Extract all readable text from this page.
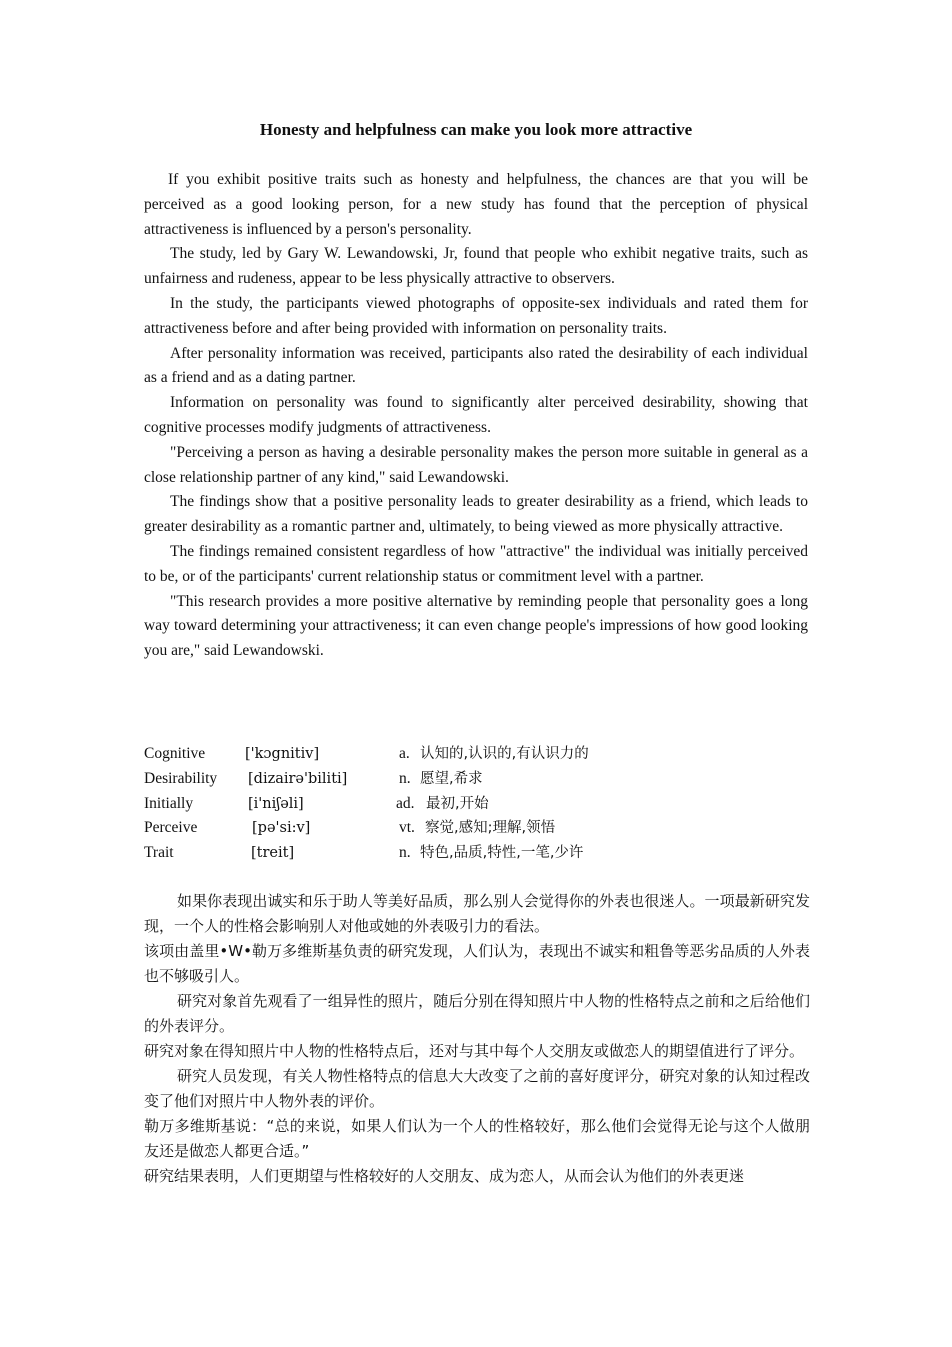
Honesty and helpfulness can make you look more attractive

If you exhibit positive traits such as honesty and helpfulness, the chances are that you will be perceived as a good looking person, for a new study has found that the perception of physical attractiveness is influenced by a person's personality.

The study, led by Gary W. Lewandowski, Jr, found that people who exhibit negative traits, such as unfairness and rudeness, appear to be less physically attractive to observers.

In the study, the participants viewed photographs of opposite-sex individuals and rated them for attractiveness before and after being provided with information on personality traits.

After personality information was received, participants also rated the desirability of each individual as a friend and as a dating partner.

Information on personality was found to significantly alter perceived desirability, showing that cognitive processes modify judgments of attractiveness.

"Perceiving a person as having a desirable personality makes the person more suitable in general as a close relationship partner of any kind," said Lewandowski.

The findings show that a positive personality leads to greater desirability as a friend, which leads to greater desirability as a romantic partner and, ultimately, to being viewed as more physically attractive.

The findings remained consistent regardless of how "attractive" the individual was initially perceived to be, or of the participants' current relationship status or commitment level with a partner.

"This research provides a more positive alternative by reminding people that personality goes a long way toward determining your attractiveness; it can even change people's impressions of how good looking you are," said Lewandowski.

Cognitive	['kɔgnitiv]	a. 认知的,认识的,有认识力的
Desirability [dizairə'biliti]	n. 愿望,希求
Initially	[i'niʃəli]	ad. 最初,开始
Perceive	[pə'si:v]	vt. 察觉,感知;理解,领悟
Trait	[treit]	n. 特色,品质,特性,一笔,少许

如果你表现出诚实和乐于助人等美好品质，那么别人会觉得你的外表也很迷人。一项最新研究发现，一个人的性格会影响别人对他或她的外表吸引力的看法。

该项由盖里•W•勒万多维斯基负责的研究发现，人们认为，表现出不诚实和粗鲁等恶劣品质的人外表也不够吸引人。

研究对象首先观看了一组异性的照片，随后分别在得知照片中人物的性格特点之前和之后给他们的外表评分。

研究对象在得知照片中人物的性格特点后，还对与其中每个人交朋友或做恋人的期望值进行了评分。

研究人员发现，有关人物性格特点的信息大大改变了之前的喜好度评分，研究对象的认知过程改变了他们对照片中人物外表的评价。

勒万多维斯基说：“总的来说，如果人们认为一个人的性格较好，那么他们会觉得无论与这个人做朋友还是做恋人都更合适。”

研究结果表明，人们更期望与性格较好的人交朋友、成为恋人，从而会认为他们的外表更迷
